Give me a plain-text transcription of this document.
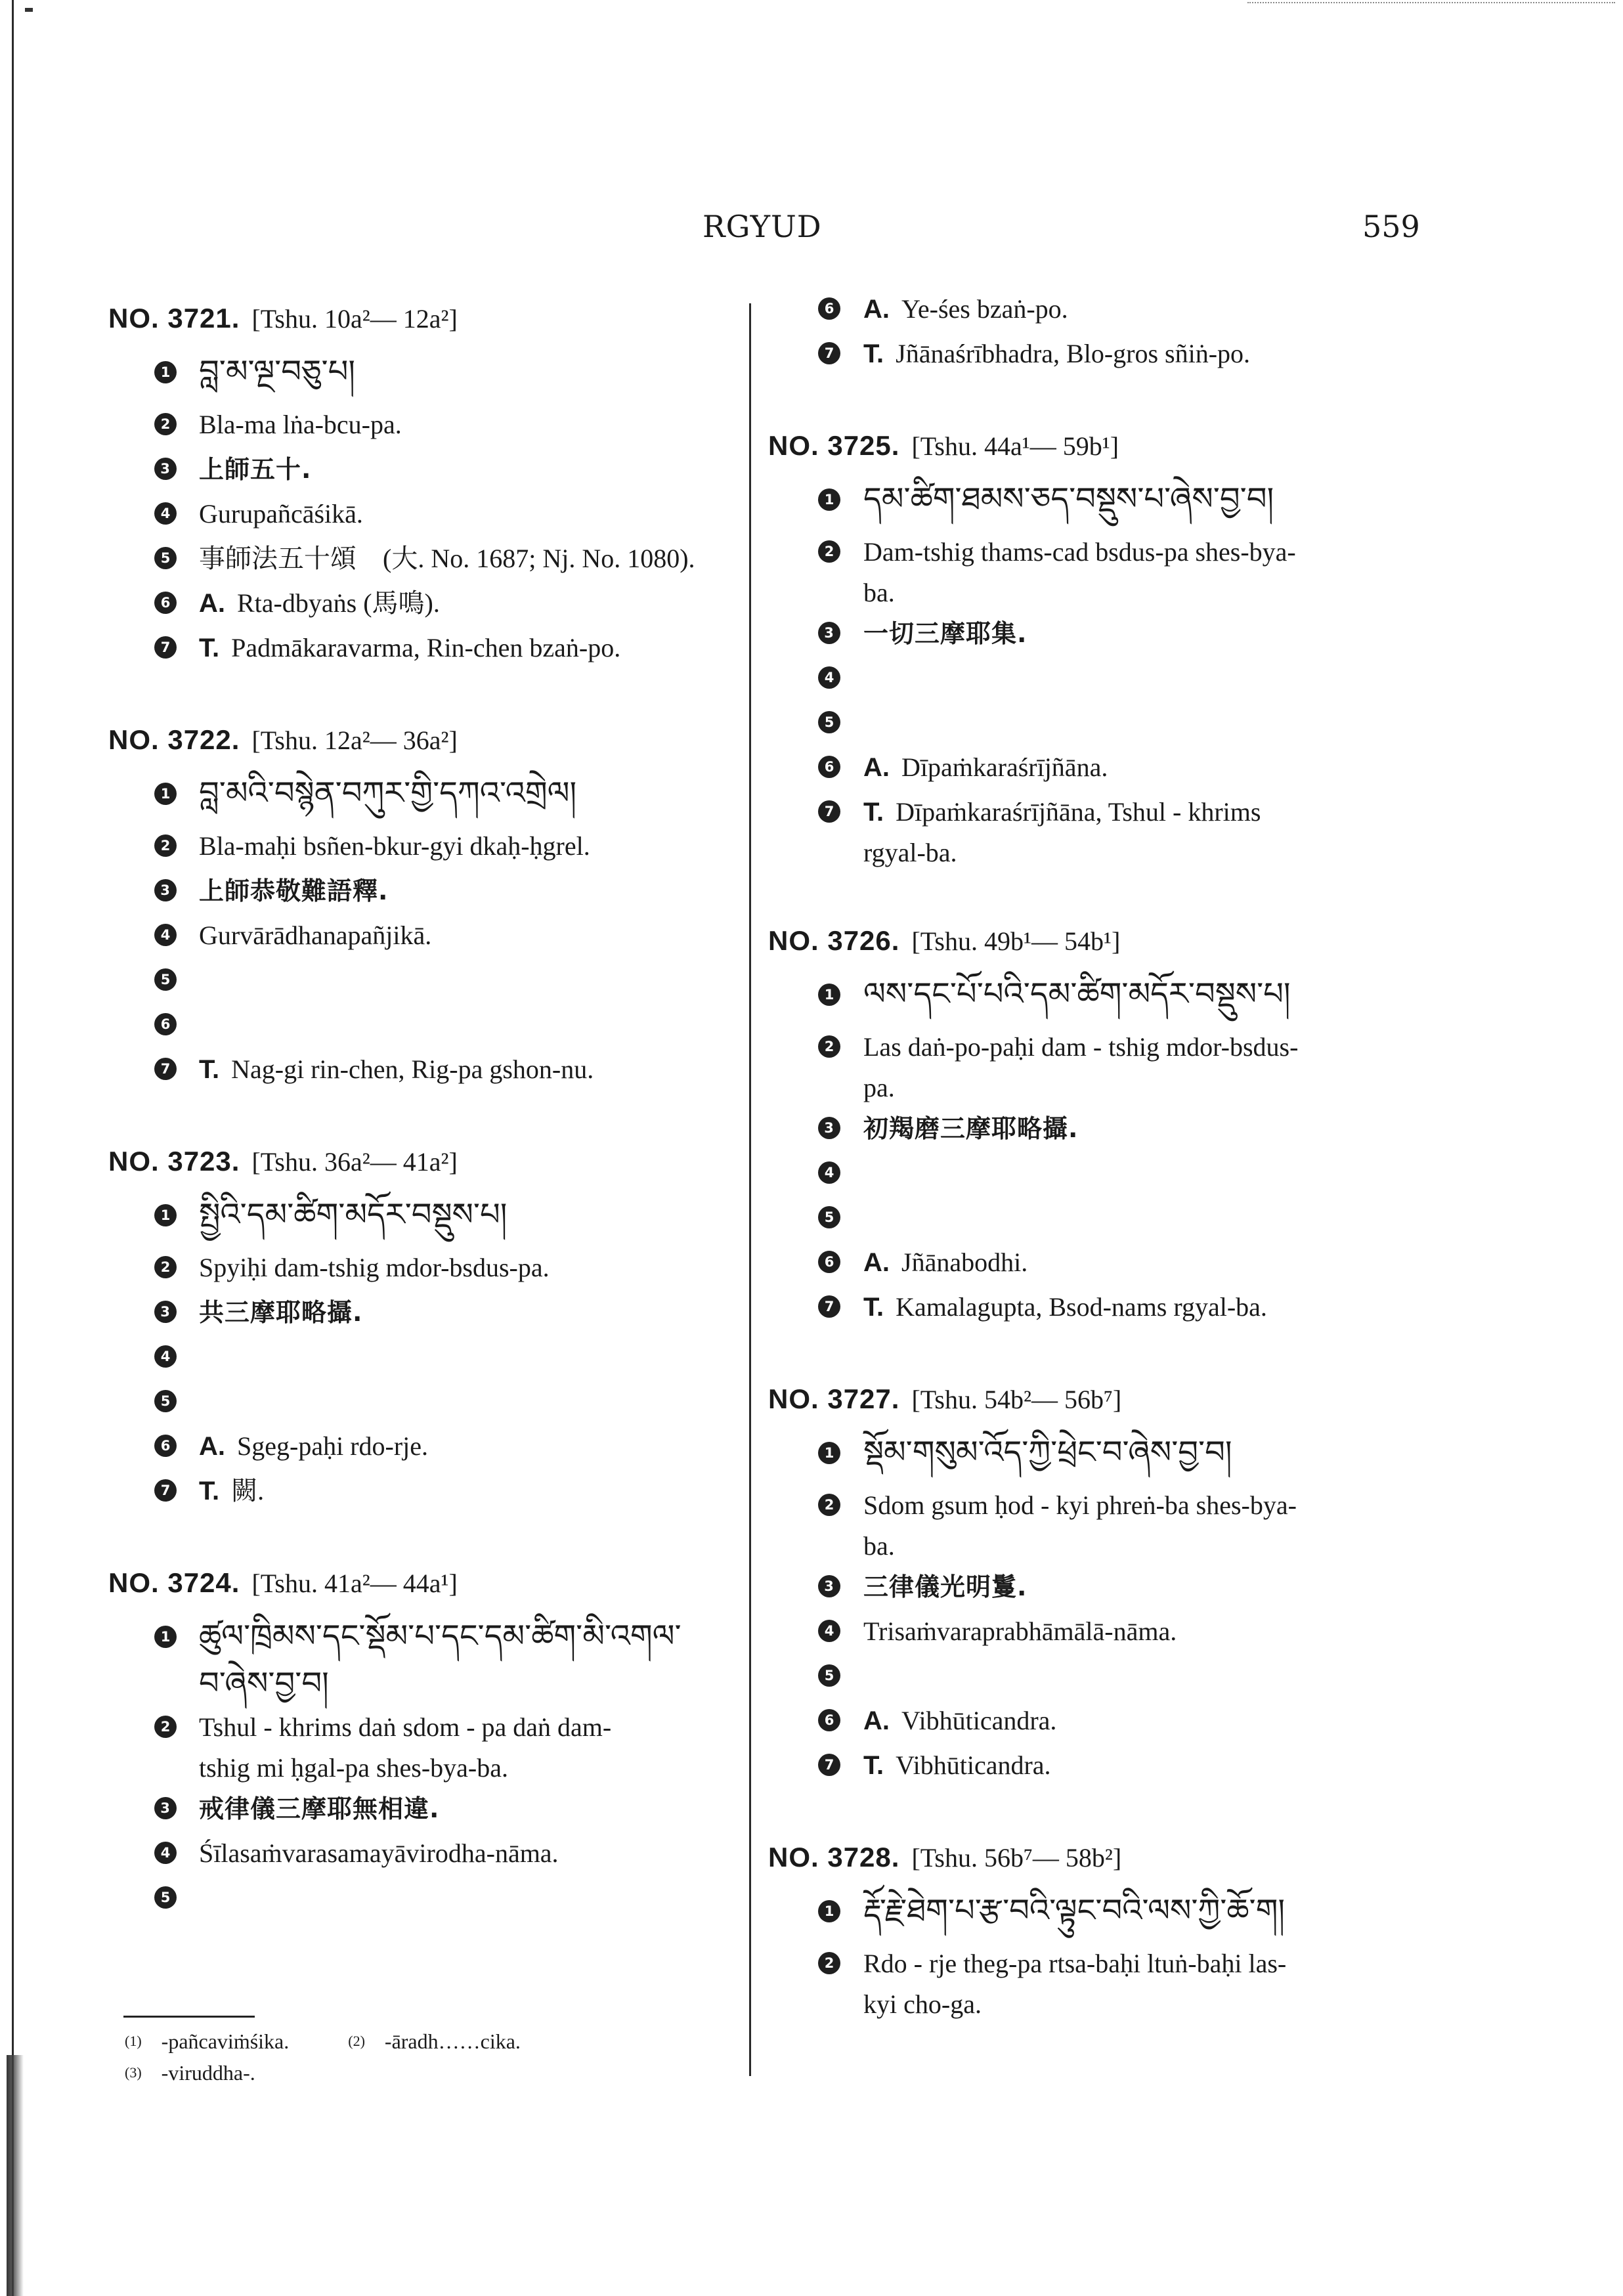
RGYUD	559
NO. 3721. [Tshu. 10a²— 12a²]
1 བླ་མ་ལྔ་བཅུ་པ།
2 Bla-ma lṅa-bcu-pa.
3 上師五十.
4 Gurupañcāśikā.
5 事師法五十頌　(大. No. 1687; Nj. No. 1080).
6 A. Rta-dbyaṅs (馬鳴).
7 T. Padmākaravarma, Rin-chen bzaṅ-po.
NO. 3722. [Tshu. 12a²— 36a²]
1 བླ་མའི་བསྙེན་བཀུར་གྱི་དཀའ་འགྲེལ།
2 Bla-maḥi bsñen-bkur-gyi dkaḥ-ḥgrel.
3 上師恭敬難語釋.
4 Gurvārādhanapañjikā.
5
6
7 T. Nag-gi rin-chen, Rig-pa gshon-nu.
NO. 3723. [Tshu. 36a²— 41a²]
1 སྤྱིའི་དམ་ཚིག་མདོར་བསྡུས་པ།
2 Spyiḥi dam-tshig mdor-bsdus-pa.
3 共三摩耶略攝.
4
5
6 A. Sgeg-paḥi rdo-rje.
7 T. 闕.
NO. 3724. [Tshu. 41a²— 44a¹]
1 ཚུལ་ཁྲིམས་དང་སྡོམ་པ་དང་དམ་ཚིག་མི་འགལ་
བ་ཞེས་བྱ་བ།
2 Tshul - khrims daṅ sdom - pa daṅ dam-
tshig mi ḥgal-pa shes-bya-ba.
3 戒律儀三摩耶無相違.
4 Śīlasaṁvarasamayāvirodha-nāma.
5
6 A. Ye-śes bzaṅ-po.
7 T. Jñānaśrībhadra, Blo-gros sñiṅ-po.
NO. 3725. [Tshu. 44a¹— 59b¹]
1 དམ་ཚིག་ཐམས་ཅད་བསྡུས་པ་ཞེས་བྱ་བ།
2 Dam-tshig thams-cad bsdus-pa shes-bya-
ba.
3 一切三摩耶集.
4
5
6 A. Dīpaṁkaraśrījñāna.
7 T. Dīpaṁkaraśrījñāna, Tshul - khrims
rgyal-ba.
NO. 3726. [Tshu. 49b¹— 54b¹]
1 ལས་དང་པོ་པའི་དམ་ཚིག་མདོར་བསྡུས་པ།
2 Las daṅ-po-paḥi dam - tshig mdor-bsdus-
pa.
3 初羯磨三摩耶略攝.
4
5
6 A. Jñānabodhi.
7 T. Kamalagupta, Bsod-nams rgyal-ba.
NO. 3727. [Tshu. 54b²— 56b⁷]
1 སྡོམ་གསུམ་འོད་ཀྱི་ཕྲེང་བ་ཞེས་བྱ་བ།
2 Sdom gsum ḥod - kyi phreṅ-ba shes-bya-
ba.
3 三律儀光明鬘.
4 Trisaṁvaraprabhāmālā-nāma.
5
6 A. Vibhūticandra.
7 T. Vibhūticandra.
NO. 3728. [Tshu. 56b⁷— 58b²]
1 རྡོ་རྗེ་ཐེག་པ་རྩ་བའི་ལྟུང་བའི་ལས་ཀྱི་ཆོ་ག།
2 Rdo - rje theg-pa rtsa-baḥi ltuṅ-baḥi las-
kyi cho-ga.
(1) -pañcaviṁśika.	(2) -āradh……cika.
(3) -viruddha-.
